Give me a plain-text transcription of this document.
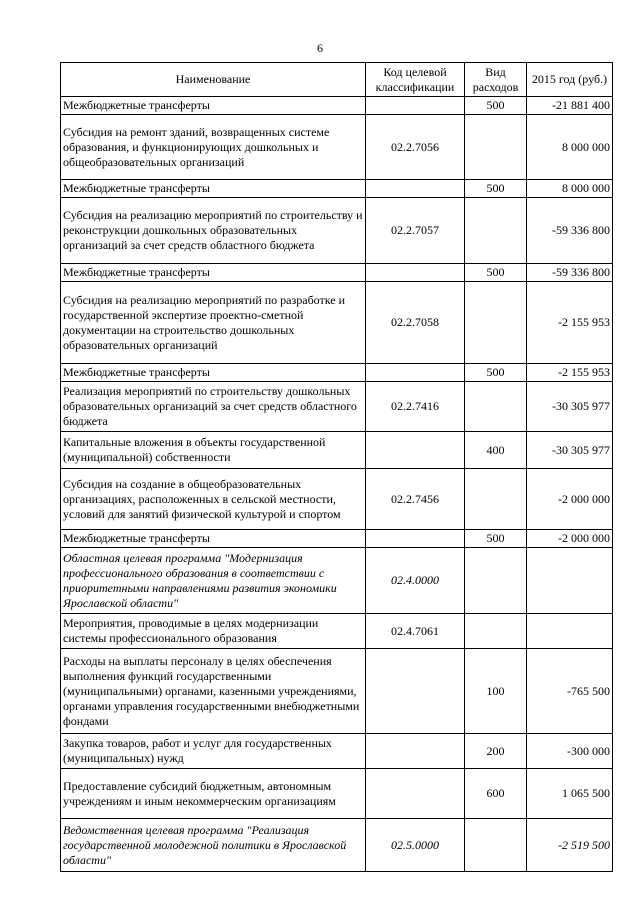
6
Наименование	Код целевой классификации	Вид расходов	2015 год (руб.)
Межбюджетные трансферты		500	-21 881 400
Субсидия на ремонт зданий, возвращенных системе образования, и функционирующих дошкольных и общеобразовательных организаций	02.2.7056		8 000 000
Межбюджетные трансферты		500	8 000 000
Субсидия на реализацию мероприятий по строительству и реконструкции дошкольных образовательных организаций за счет средств областного бюджета	02.2.7057		-59 336 800
Межбюджетные трансферты		500	-59 336 800
Субсидия на реализацию мероприятий по разработке и государственной экспертизе проектно-сметной документации на строительство дошкольных образовательных организаций	02.2.7058		-2 155 953
Межбюджетные трансферты		500	-2 155 953
Реализация мероприятий по строительству дошкольных образовательных организаций за счет средств областного бюджета	02.2.7416		-30 305 977
Капитальные вложения в объекты государственной (муниципальной) собственности		400	-30 305 977
Субсидия на создание в общеобразовательных организациях, расположенных в сельской местности, условий для занятий физической культурой и спортом	02.2.7456		-2 000 000
Межбюджетные трансферты		500	-2 000 000
Областная целевая программа "Модернизация профессионального образования в соответствии с приоритетными направлениями развития экономики Ярославской области"	02.4.0000		
Мероприятия, проводимые в целях модернизации системы профессионального образования	02.4.7061		
Расходы на выплаты персоналу в целях обеспечения выполнения функций государственными (муниципальными) органами, казенными учреждениями, органами управления государственными внебюджетными фондами		100	-765 500
Закупка товаров, работ и услуг для государственных (муниципальных) нужд		200	-300 000
Предоставление субсидий бюджетным, автономным учреждениям и иным некоммерческим организациям		600	1 065 500
Ведомственная целевая программа "Реализация государственной молодежной политики в Ярославской области"	02.5.0000		-2 519 500
